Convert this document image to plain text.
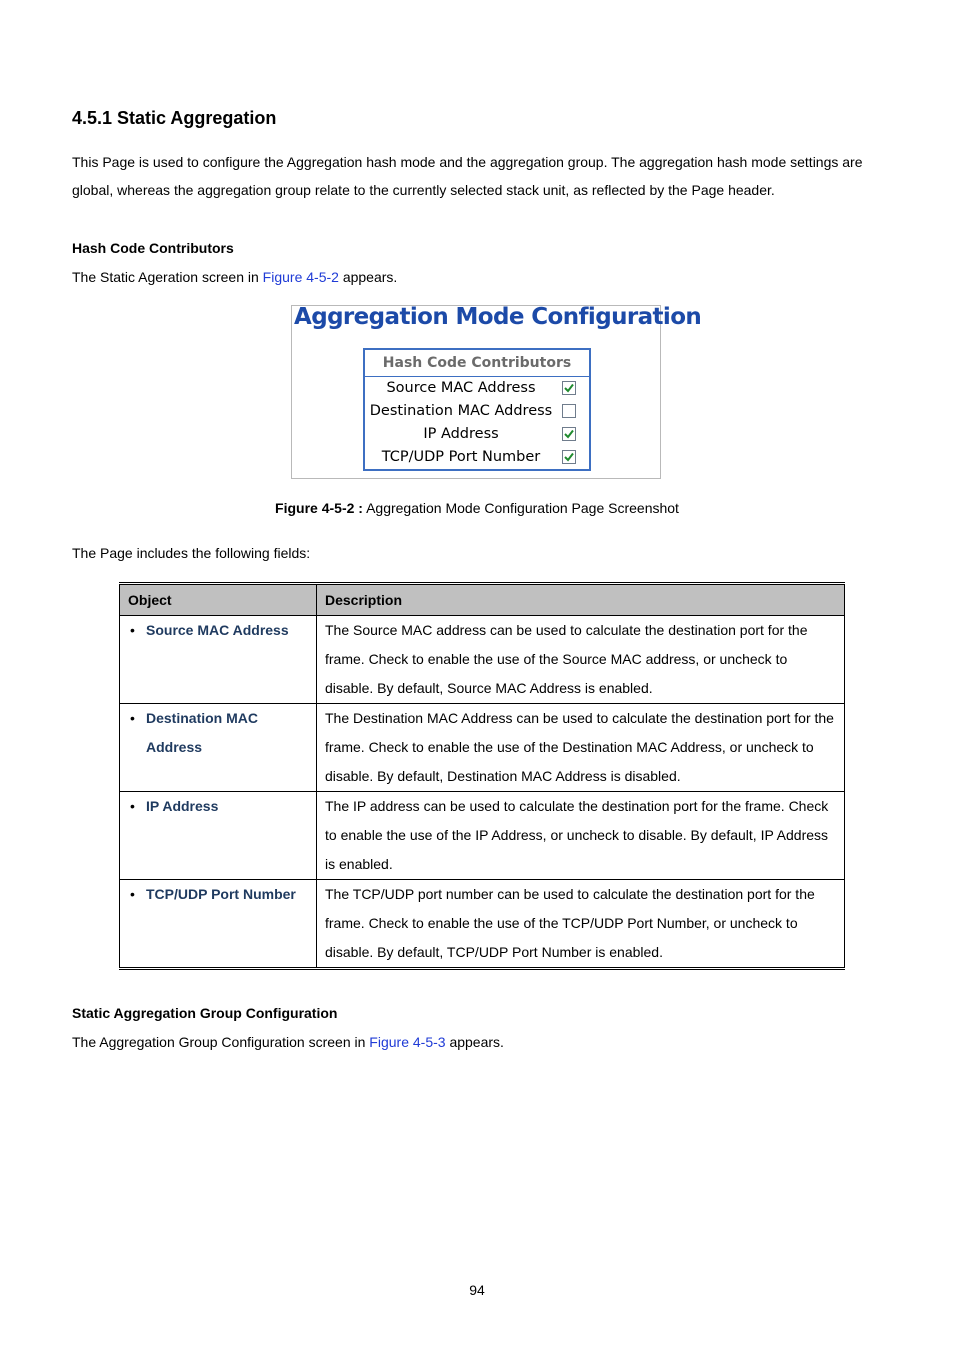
4.5.1 Static Aggregation

This Page is used to configure the Aggregation hash mode and the aggregation group. The aggregation hash mode settings are global, whereas the aggregation group relate to the currently selected stack unit, as reflected by the Page header.

Hash Code Contributors

The Static Ageration screen in Figure 4-5-2 appears.

Aggregation Mode Configuration

Hash Code Contributors
Source MAC Address
Destination MAC Address
IP Address
TCP/UDP Port Number

Figure 4-5-2 : Aggregation Mode Configuration Page Screenshot

The Page includes the following fields:

Object	Description

• Source MAC Address	The Source MAC address can be used to calculate the destination port for the frame. Check to enable the use of the Source MAC address, or uncheck to disable. By default, Source MAC Address is enabled.

• Destination MAC Address	The Destination MAC Address can be used to calculate the destination port for the frame. Check to enable the use of the Destination MAC Address, or uncheck to disable. By default, Destination MAC Address is disabled.

• IP Address	The IP address can be used to calculate the destination port for the frame. Check to enable the use of the IP Address, or uncheck to disable. By default, IP Address is enabled.

• TCP/UDP Port Number	The TCP/UDP port number can be used to calculate the destination port for the frame. Check to enable the use of the TCP/UDP Port Number, or uncheck to disable. By default, TCP/UDP Port Number is enabled.

Static Aggregation Group Configuration

The Aggregation Group Configuration screen in Figure 4-5-3 appears.

94
